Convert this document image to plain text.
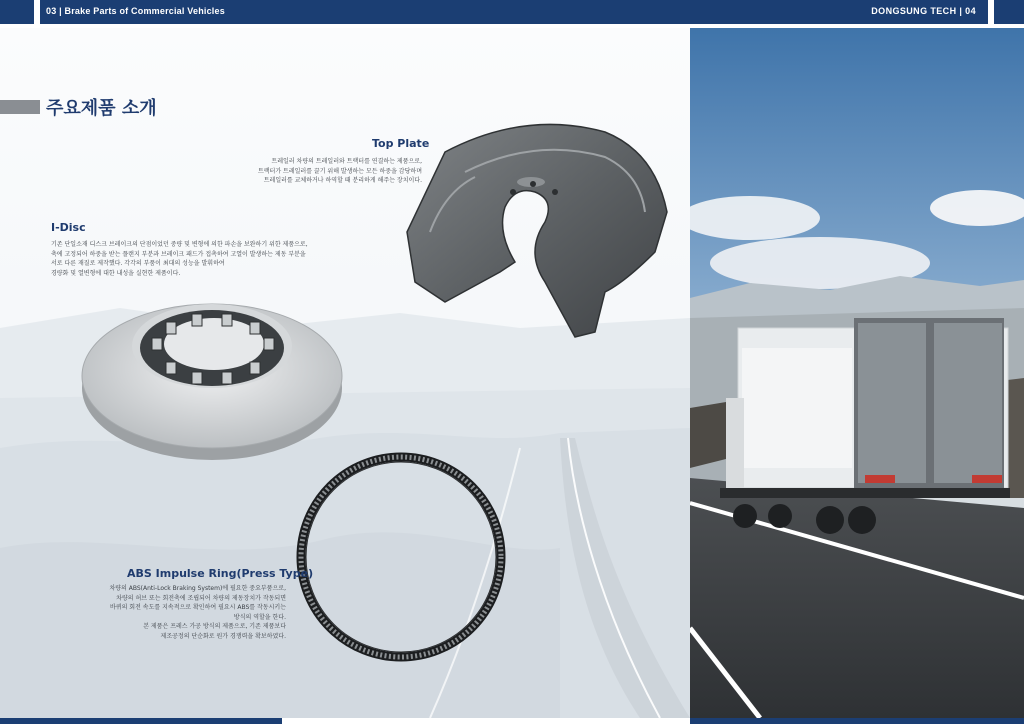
03 | Brake Parts of Commercial Vehicles	DONGSUNG TECH | 04
주요제품 소개
Top Plate
트레일러 차량의 트레일러와 트랙터를 연결하는 제품으로,
트랙터가 트레일러를 끌기 위해 발생하는 모든 하중을 감당하며
트레일러를 교체하거나 하역할 때 분리하게 해주는 장치이다.
I-Disc
기존 단일소재 디스크 브레이크의 단점이었던 중량 및 변형에 의한 파손을 보완하기 위한 제품으로,
축에 고정되어 하중을 받는 플랜지 부분과 브레이크 패드가 접촉하여 고열이 발생하는 제동 부분을
서로 다른 재질로 제작했다. 각각의 부품이 최대의 성능을 발휘하여
경량화 및 열변형에 대한 내성을 실현한 제품이다.
ABS Impulse Ring(Press Type)
차량의 ABS(Anti-Lock Braking System)에 필요한 중요부품으로,
차량의 허브 또는 회전축에 조립되어 차량의 제동장치가 작동되면
바퀴의 회전 속도를 지속적으로 확인하여 필요시 ABS를 작동시키는
방식의 역할을 한다.
본 제품은 프레스 가공 방식의 제품으로, 기존 제품보다
제조공정의 단순화로 원가 경쟁력을 확보하였다.
